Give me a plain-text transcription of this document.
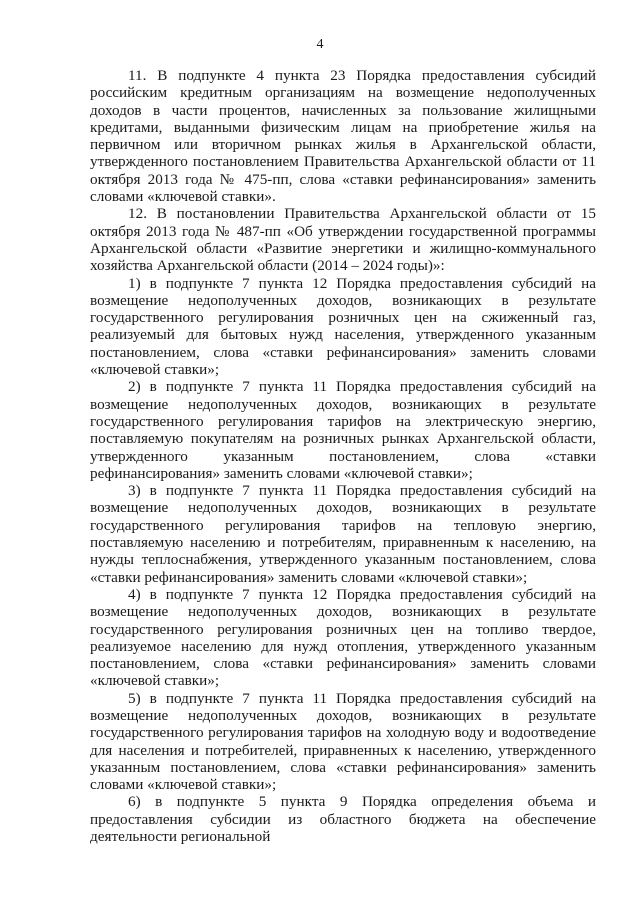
4

11. В подпункте 4 пункта 23 Порядка предоставления субсидий российским кредитным организациям на возмещение недополученных доходов в части процентов, начисленных за пользование жилищными кредитами, выданными физическим лицам на приобретение жилья на первичном или вторичном рынках жилья в Архангельской области, утвержденного постановлением Правительства Архангельской области от 11 октября 2013 года № 475-пп, слова «ставки рефинансирования» заменить словами «ключевой ставки».

12. В постановлении Правительства Архангельской области от 15 октября 2013 года № 487-пп «Об утверждении государственной программы Архангельской области «Развитие энергетики и жилищно-коммунального хозяйства Архангельской области (2014 – 2024 годы)»:

1) в подпункте 7 пункта 12 Порядка предоставления субсидий на возмещение недополученных доходов, возникающих в результате государственного регулирования розничных цен на сжиженный газ, реализуемый для бытовых нужд населения, утвержденного указанным постановлением, слова «ставки рефинансирования» заменить словами «ключевой ставки»;

2) в подпункте 7 пункта 11 Порядка предоставления субсидий на возмещение недополученных доходов, возникающих в результате государственного регулирования тарифов на электрическую энергию, поставляемую покупателям на розничных рынках Архангельской области, утвержденного указанным постановлением, слова «ставки рефинансирования» заменить словами «ключевой ставки»;

3) в подпункте 7 пункта 11 Порядка предоставления субсидий на возмещение недополученных доходов, возникающих в результате государственного регулирования тарифов на тепловую энергию, поставляемую населению и потребителям, приравненным к населению, на нужды теплоснабжения, утвержденного указанным постановлением, слова «ставки рефинансирования» заменить словами «ключевой ставки»;

4) в подпункте 7 пункта 12 Порядка предоставления субсидий на возмещение недополученных доходов, возникающих в результате государственного регулирования розничных цен на топливо твердое, реализуемое населению для нужд отопления, утвержденного указанным постановлением, слова «ставки рефинансирования» заменить словами «ключевой ставки»;

5) в подпункте 7 пункта 11 Порядка предоставления субсидий на возмещение недополученных доходов, возникающих в результате государственного регулирования тарифов на холодную воду и водоотведение для населения и потребителей, приравненных к населению, утвержденного указанным постановлением, слова «ставки рефинансирования» заменить словами «ключевой ставки»;

6) в подпункте 5 пункта 9 Порядка определения объема и предоставления субсидии из областного бюджета на обеспечение деятельности региональной
